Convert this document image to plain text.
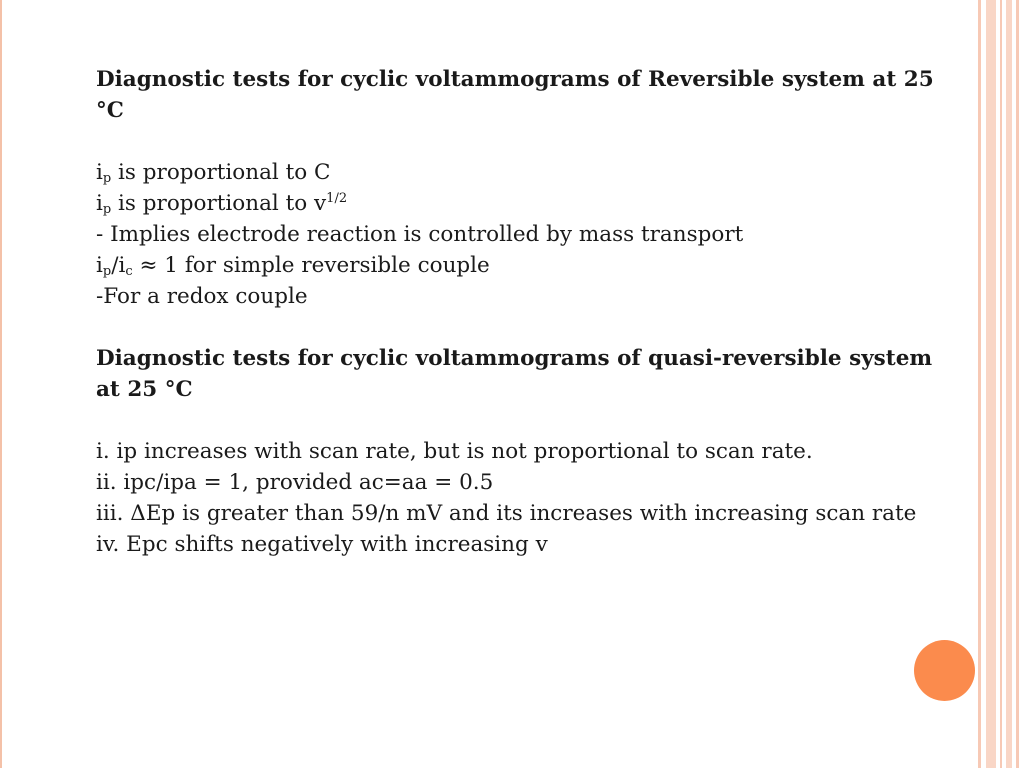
Diagnostic tests for cyclic voltammograms of Reversible system at 25 °C

$i_p$ is proportional to C

$i_p$ is proportional to $v^{1/2}$

- Implies electrode reaction is controlled by mass transport

$i_p/i_c \approx 1$ for simple reversible couple

-For a redox couple

Diagnostic tests for cyclic voltammograms of quasi-reversible system at 25 °C

i. ip increases with scan rate, but is not proportional to scan rate.

ii. ipc/ipa = 1, provided ac=aa = 0.5

iii. ΔEp is greater than 59/n mV and its increases with increasing scan rate

iv. Epc shifts negatively with increasing v
